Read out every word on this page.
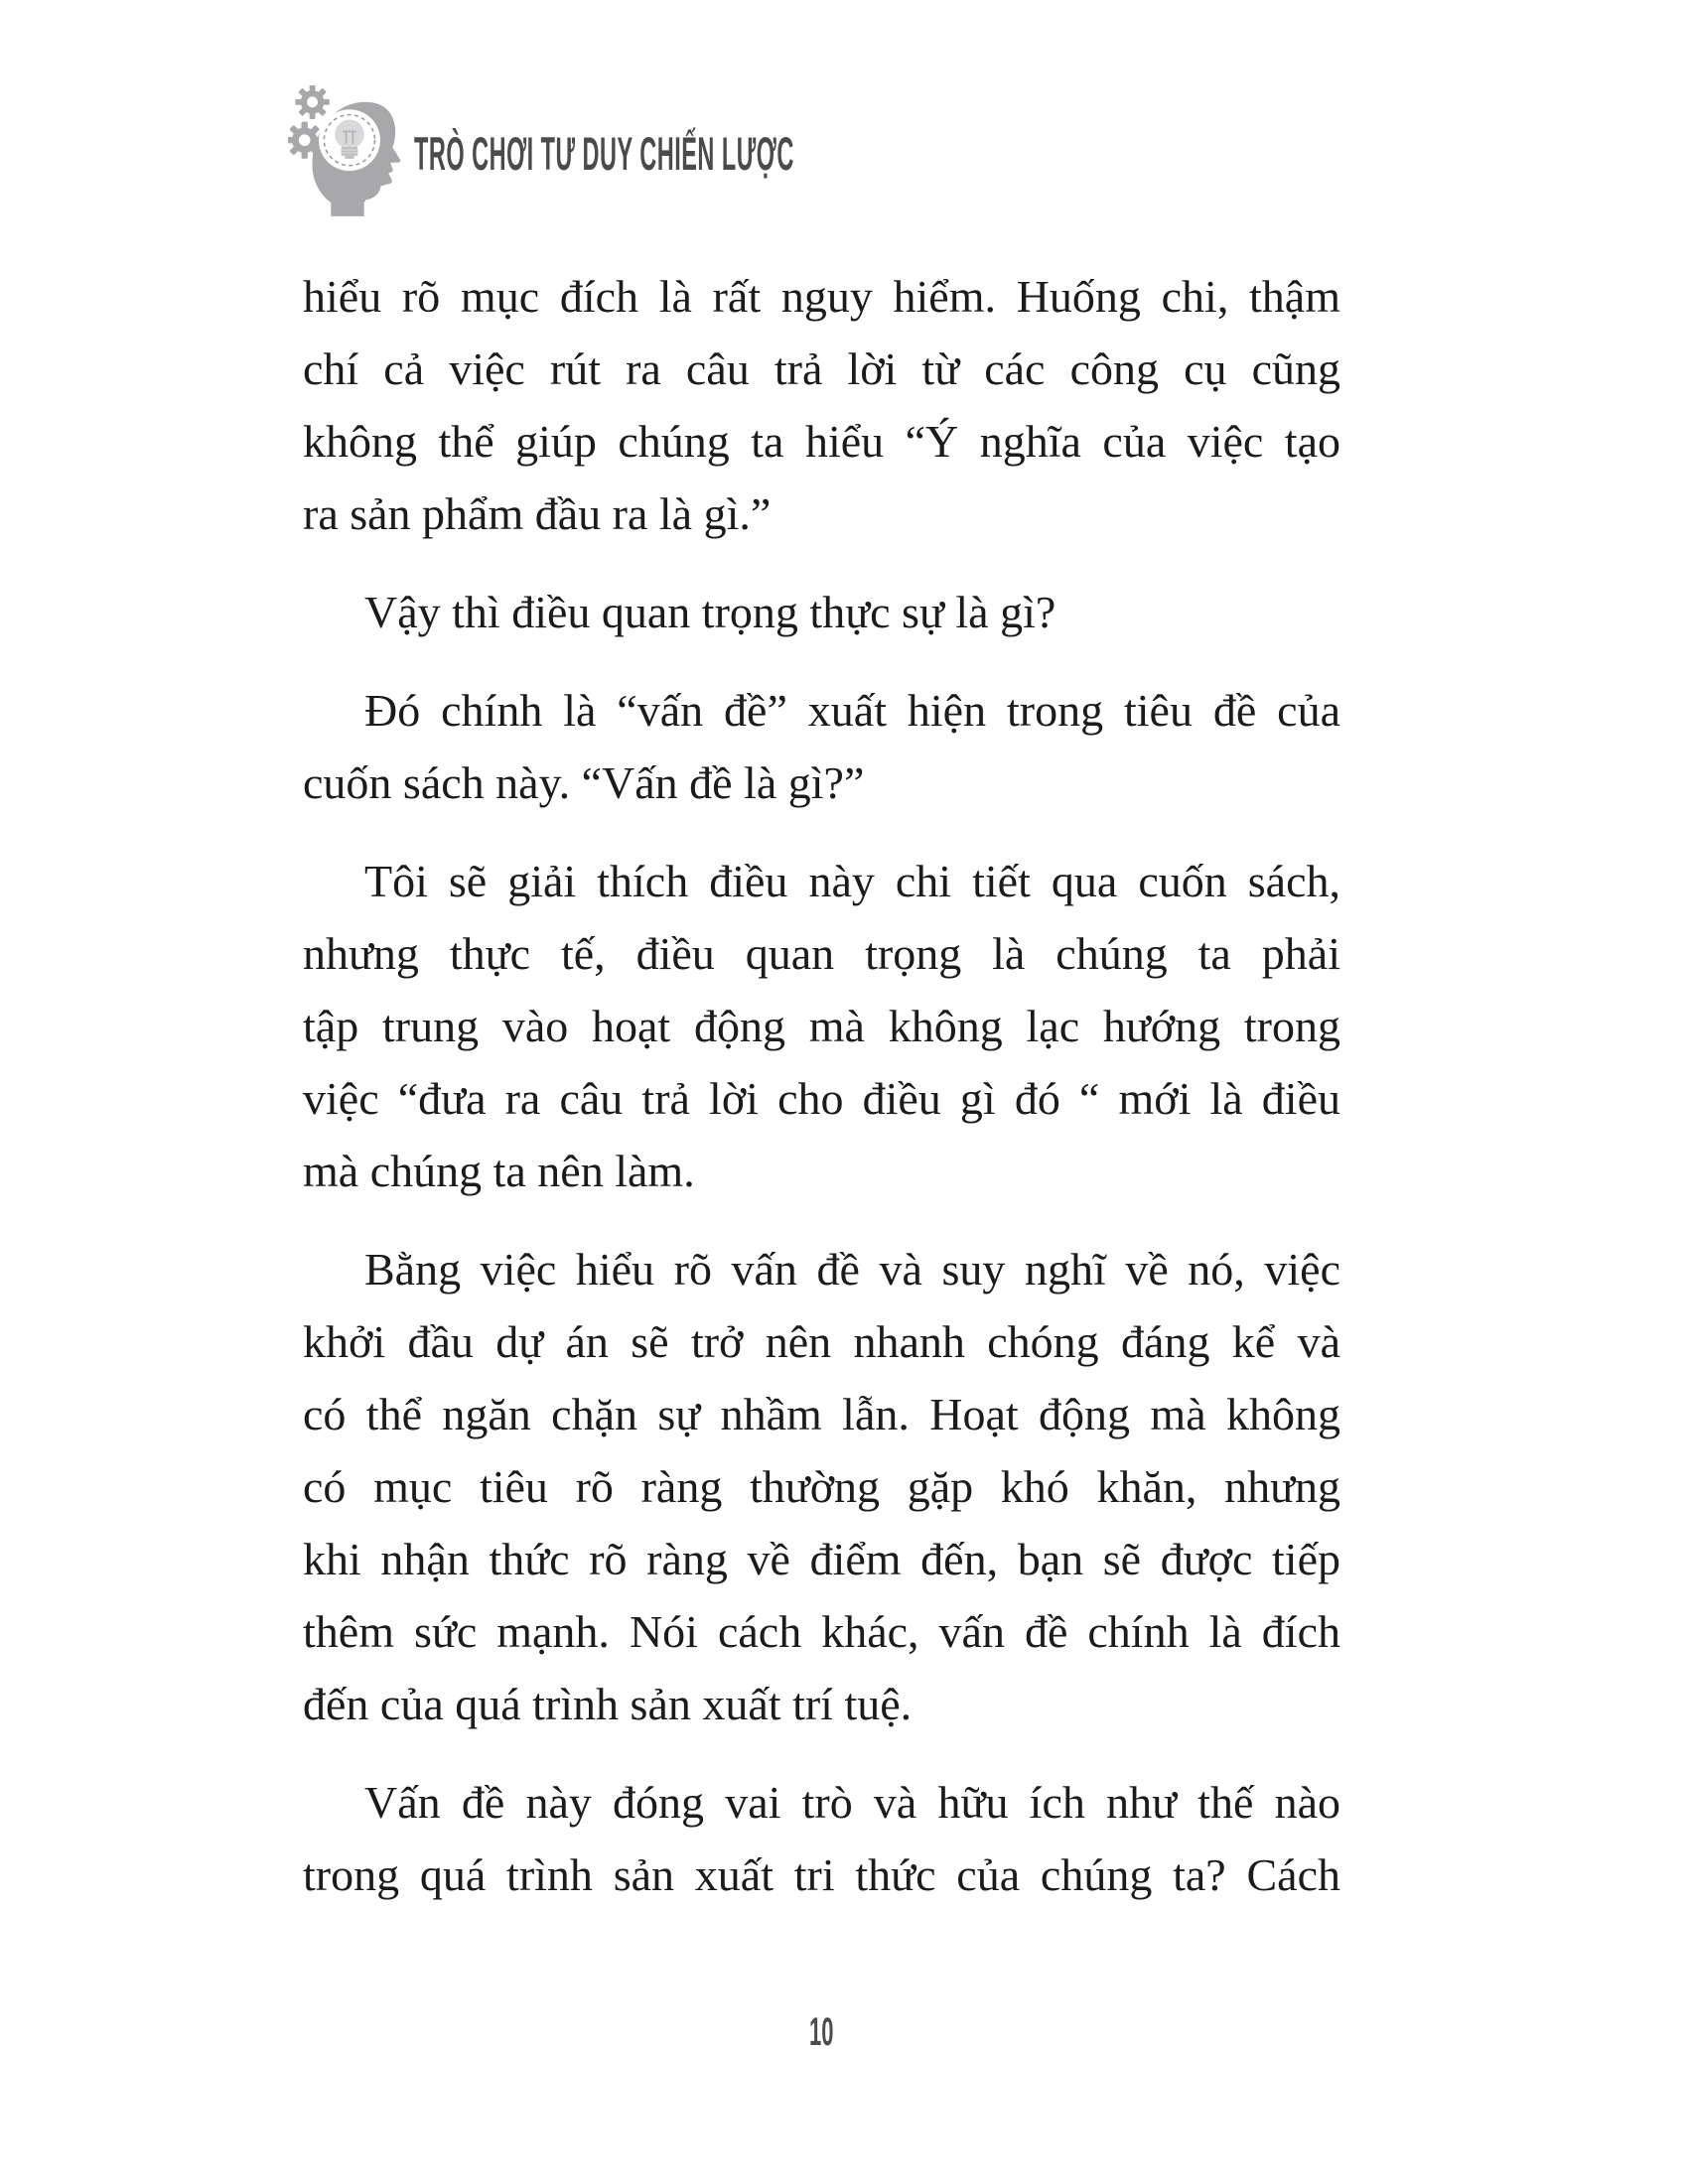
TRÒ CHƠI TƯ DUY CHIẾN LƯỢC
hiểu rõ mục đích là rất nguy hiểm. Huống chi, thậm
chí cả việc rút ra câu trả lời từ các công cụ cũng
không thể giúp chúng ta hiểu “Ý nghĩa của việc tạo
ra sản phẩm đầu ra là gì.”
Vậy thì điều quan trọng thực sự là gì?
Đó chính là “vấn đề” xuất hiện trong tiêu đề của
cuốn sách này. “Vấn đề là gì?”
Tôi sẽ giải thích điều này chi tiết qua cuốn sách,
nhưng thực tế, điều quan trọng là chúng ta phải
tập trung vào hoạt động mà không lạc hướng trong
việc “đưa ra câu trả lời cho điều gì đó “ mới là điều
mà chúng ta nên làm.
Bằng việc hiểu rõ vấn đề và suy nghĩ về nó, việc
khởi đầu dự án sẽ trở nên nhanh chóng đáng kể và
có thể ngăn chặn sự nhầm lẫn. Hoạt động mà không
có mục tiêu rõ ràng thường gặp khó khăn, nhưng
khi nhận thức rõ ràng về điểm đến, bạn sẽ được tiếp
thêm sức mạnh. Nói cách khác, vấn đề chính là đích
đến của quá trình sản xuất trí tuệ.
Vấn đề này đóng vai trò và hữu ích như thế nào
trong quá trình sản xuất tri thức của chúng ta? Cách
10
